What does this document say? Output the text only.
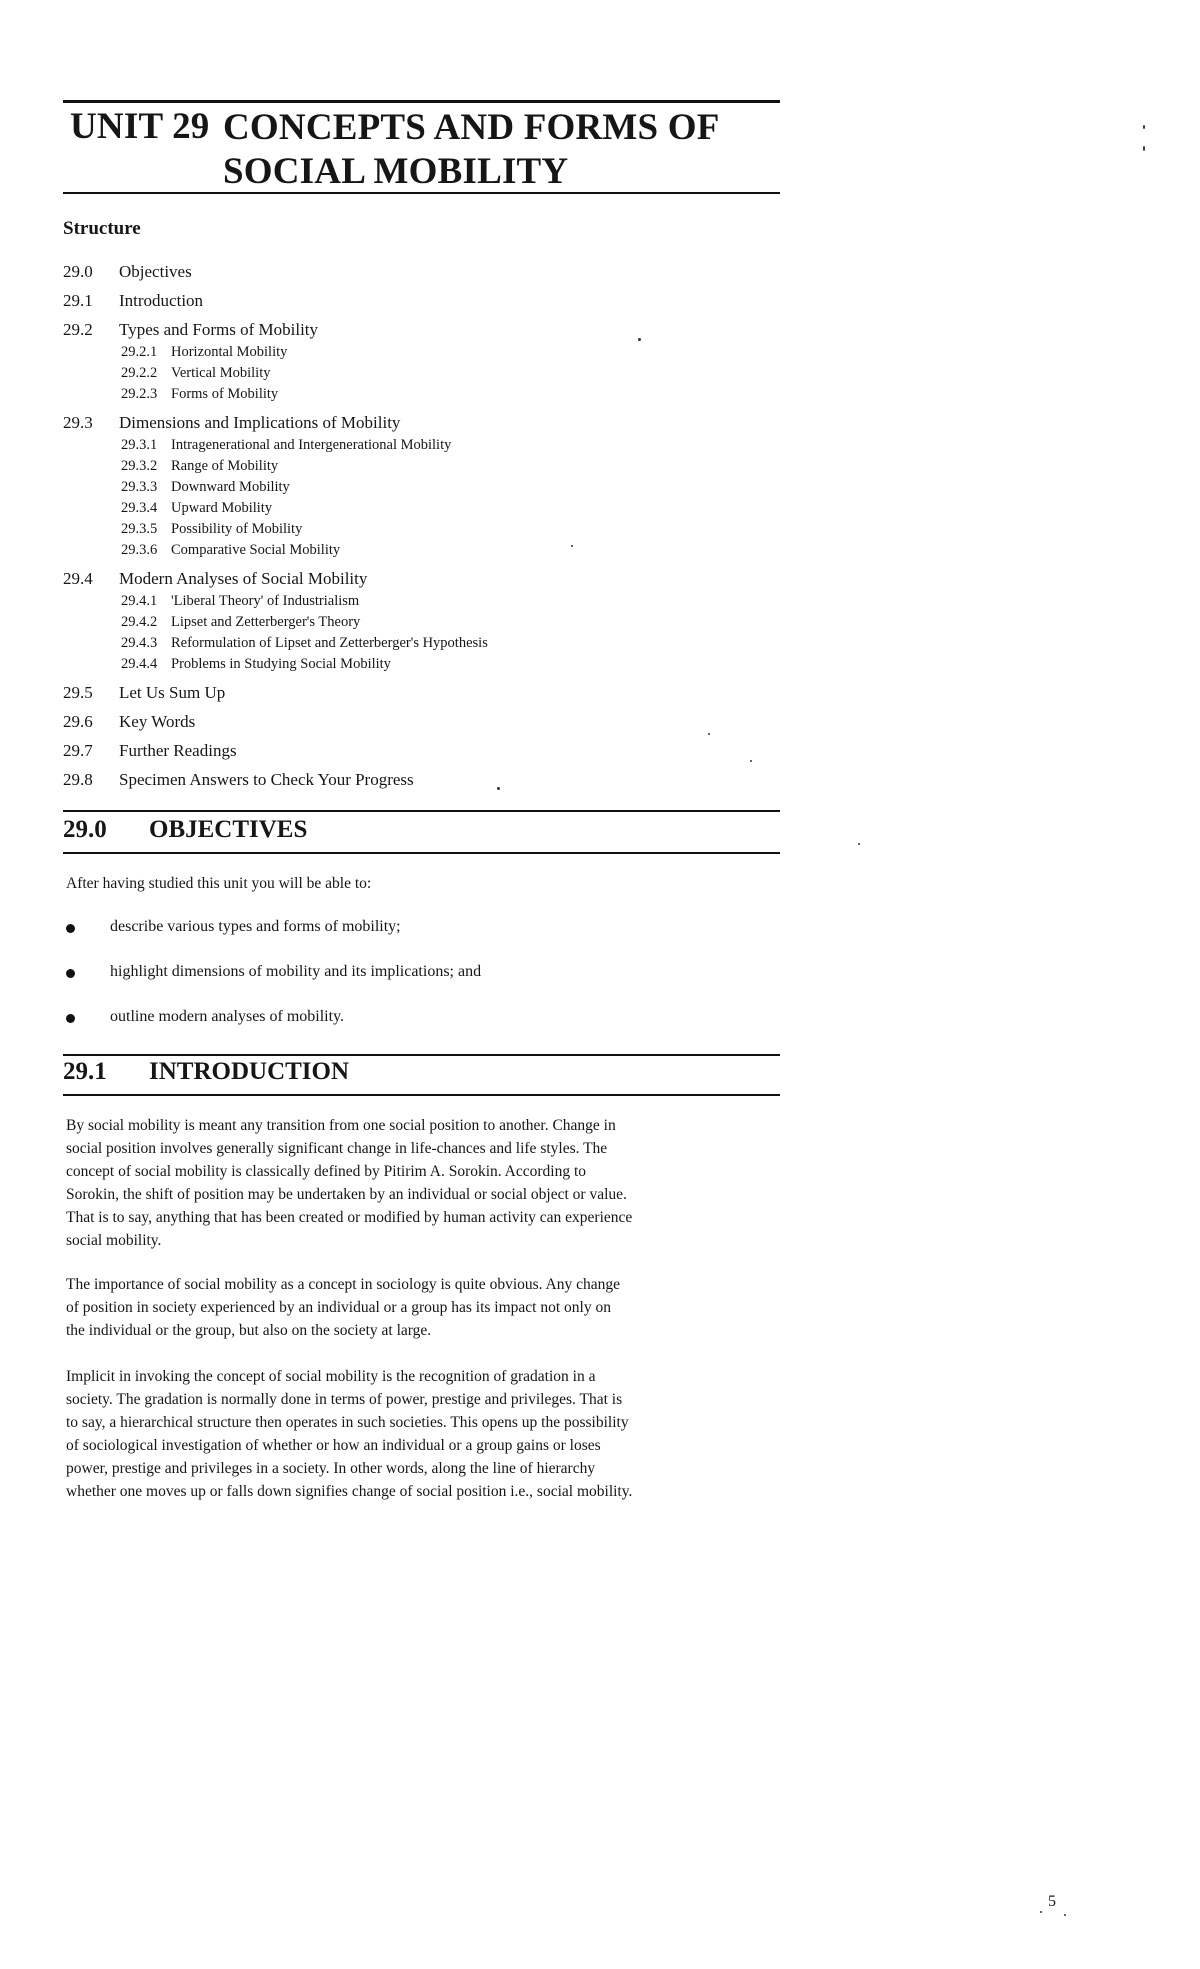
UNIT 29 CONCEPTS AND FORMS OF
SOCIAL MOBILITY
Structure
29.0	Objectives
29.1	Introduction
29.2	Types and Forms of Mobility
29.2.1 Horizontal Mobility
29.2.2 Vertical Mobility
29.2.3 Forms of Mobility
29.3	Dimensions and Implications of Mobility
29.3.1 Intragenerational and Intergenerational Mobility
29.3.2 Range of Mobility
29.3.3 Downward Mobility
29.3.4 Upward Mobility
29.3.5 Possibility of Mobility
29.3.6 Comparative Social Mobility
29.4	Modern Analyses of Social Mobility
29.4.1 'Liberal Theory' of Industrialism
29.4.2 Lipset and Zetterberger's Theory
29.4.3 Reformulation of Lipset and Zetterberger's Hypothesis
29.4.4 Problems in Studying Social Mobility
29.5	Let Us Sum Up
29.6	Key Words
29.7	Further Readings
29.8	Specimen Answers to Check Your Progress
29.0 OBJECTIVES
After having studied this unit you will be able to:
describe various types and forms of mobility;
highlight dimensions of mobility and its implications; and
outline modern analyses of mobility.
29.1 INTRODUCTION
By social mobility is meant any transition from one social position to another. Change in
social position involves generally significant change in life-chances and life styles. The
concept of social mobility is classically defined by Pitirim A. Sorokin. According to
Sorokin, the shift of position may be undertaken by an individual or social object or value.
That is to say, anything that has been created or modified by human activity can experience
social mobility.
The importance of social mobility as a concept in sociology is quite obvious. Any change
of position in society experienced by an individual or a group has its impact not only on
the individual or the group, but also on the society at large.
Implicit in invoking the concept of social mobility is the recognition of gradation in a
society. The gradation is normally done in terms of power, prestige and privileges. That is
to say, a hierarchical structure then operates in such societies. This opens up the possibility
of sociological investigation of whether or how an individual or a group gains or loses
power, prestige and privileges in a society. In other words, along the line of hierarchy
whether one moves up or falls down signifies change of social position i.e., social mobility.
5
